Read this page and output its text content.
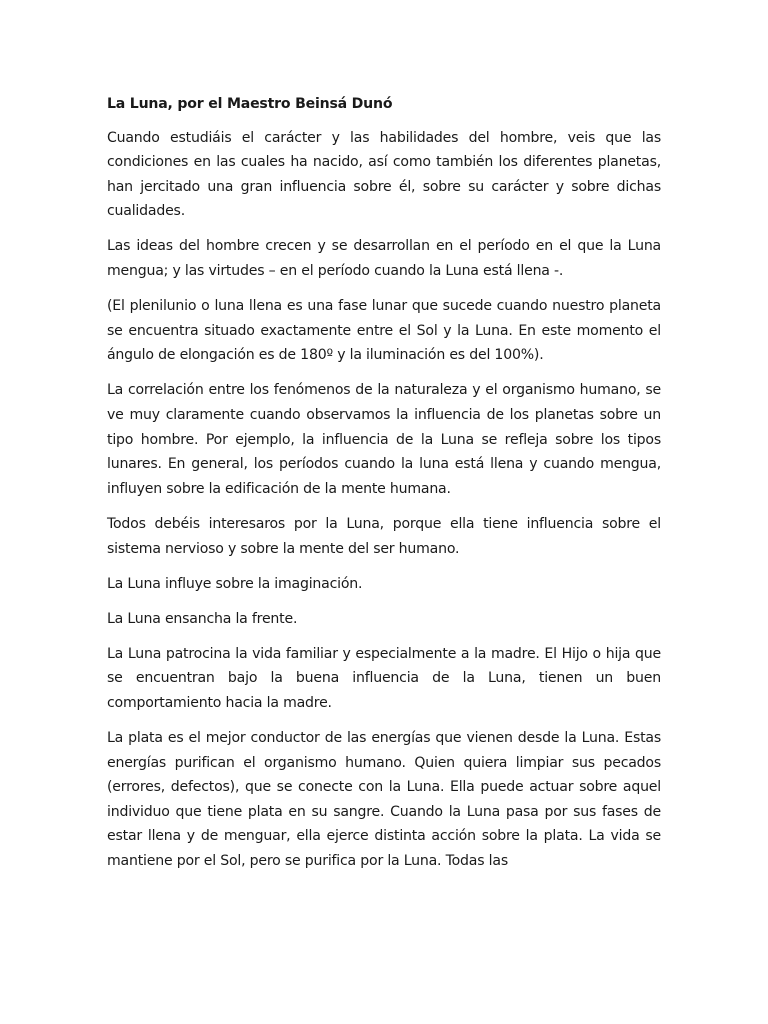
La Luna, por el Maestro Beinsá Dunó

Cuando estudiáis el carácter y las habilidades del hombre, veis que las condiciones en las cuales ha nacido, así como también los diferentes planetas, han jercitado una gran influencia sobre él, sobre su carácter y sobre dichas cualidades.

Las ideas del hombre crecen y se desarrollan en el período en el que la Luna mengua; y las virtudes – en el período cuando la Luna está llena -.

(El plenilunio o luna llena es una fase lunar que sucede cuando nuestro planeta se encuentra situado exactamente entre el Sol y la Luna. En este momento el ángulo de elongación es de 180º y la iluminación es del 100%).

La correlación entre los fenómenos de la naturaleza y el organismo humano, se ve muy claramente cuando observamos la influencia de los planetas sobre un tipo hombre. Por ejemplo, la influencia de la Luna se refleja sobre los tipos lunares. En general, los períodos cuando la luna está llena y cuando mengua, influyen sobre la edificación de la mente humana.

Todos debéis interesaros por la Luna, porque ella tiene influencia sobre el sistema nervioso y sobre la mente del ser humano.

La Luna influye sobre la imaginación.

La Luna ensancha la frente.

La Luna patrocina la vida familiar y especialmente a la madre. El Hijo o hija que se encuentran bajo la buena influencia de la Luna, tienen un buen comportamiento hacia la madre.

La plata es el mejor conductor de las energías que vienen desde la Luna. Estas energías purifican el organismo humano. Quien quiera limpiar sus pecados (errores, defectos), que se conecte con la Luna. Ella puede actuar sobre aquel individuo que tiene plata en su sangre. Cuando la Luna pasa por sus fases de estar llena y de menguar, ella ejerce distinta acción sobre la plata. La vida se mantiene por el Sol, pero se purifica por la Luna. Todas las
